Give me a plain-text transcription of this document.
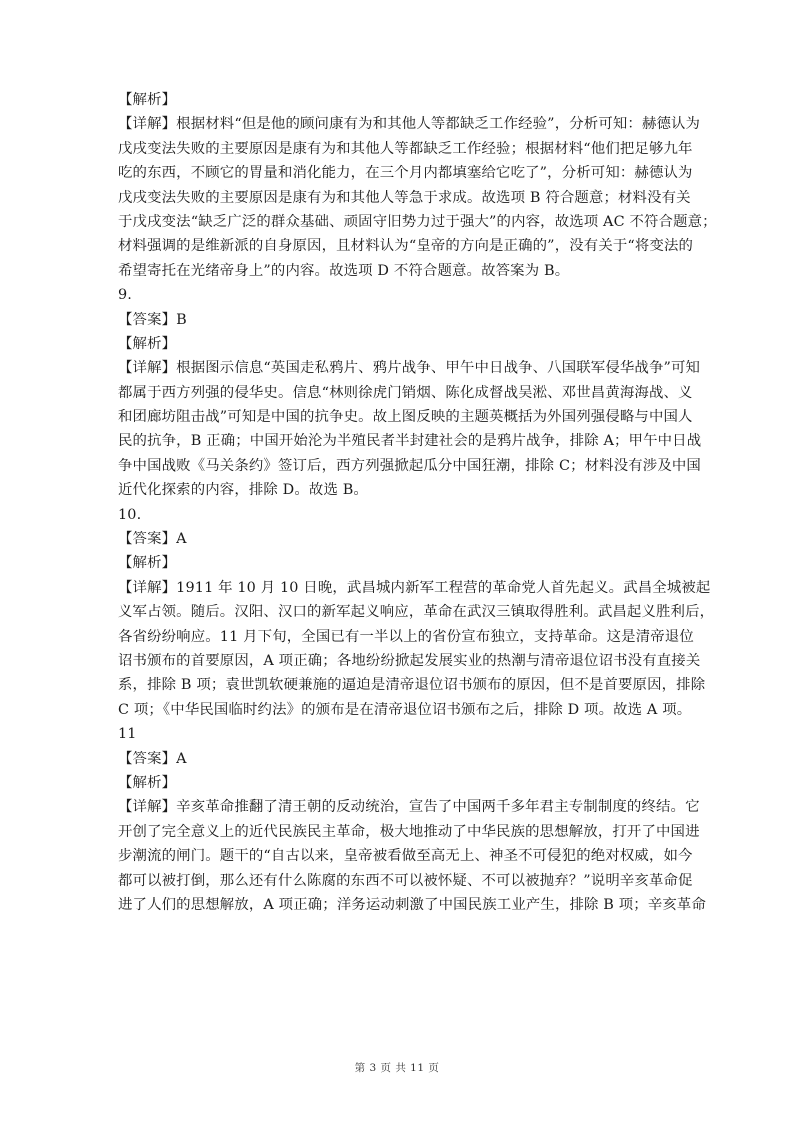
【解析】
【详解】根据材料“但是他的顾问康有为和其他人等都缺乏工作经验”，分析可知：赫德认为
戊戌变法失败的主要原因是康有为和其他人等都缺乏工作经验；根据材料“他们把足够九年
吃的东西，不顾它的胃量和消化能力，在三个月内都填塞给它吃了”，分析可知：赫德认为
戊戌变法失败的主要原因是康有为和其他人等急于求成。故选项 B 符合题意；材料没有关
于戊戌变法“缺乏广泛的群众基础、顽固守旧势力过于强大”的内容，故选项 AC 不符合题意；
材料强调的是维新派的自身原因，且材料认为“皇帝的方向是正确的”，没有关于“将变法的
希望寄托在光绪帝身上”的内容。故选项 D 不符合题意。故答案为 B。
9.
【答案】B
【解析】
【详解】根据图示信息“英国走私鸦片、鸦片战争、甲午中日战争、八国联军侵华战争”可知
都属于西方列强的侵华史。信息“林则徐虎门销烟、陈化成督战吴淞、邓世昌黄海海战、义
和团廊坊阻击战”可知是中国的抗争史。故上图反映的主题英概括为外国列强侵略与中国人
民的抗争，B 正确；中国开始沦为半殖民者半封建社会的是鸦片战争，排除 A；甲午中日战
争中国战败《马关条约》签订后，西方列强掀起瓜分中国狂潮，排除 C；材料没有涉及中国
近代化探索的内容，排除 D。故选 B。
10.
【答案】A
【解析】
【详解】1911 年 10 月 10 日晚，武昌城内新军工程营的革命党人首先起义。武昌全城被起
义军占领。随后。汉阳、汉口的新军起义响应，革命在武汉三镇取得胜利。武昌起义胜利后，
各省纷纷响应。11 月下旬，全国已有一半以上的省份宣布独立，支持革命。这是清帝退位
诏书颁布的首要原因，A 项正确；各地纷纷掀起发展实业的热潮与清帝退位诏书没有直接关
系，排除 B 项；袁世凯软硬兼施的逼迫是清帝退位诏书颁布的原因，但不是首要原因，排除
C 项；《中华民国临时约法》的颁布是在清帝退位诏书颁布之后，排除 D 项。故选 A 项。
11
【答案】A
【解析】
【详解】辛亥革命推翻了清王朝的反动统治，宣告了中国两千多年君主专制制度的终结。它
开创了完全意义上的近代民族民主革命，极大地推动了中华民族的思想解放，打开了中国进
步潮流的闸门。题干的“自古以来，皇帝被看做至高无上、神圣不可侵犯的绝对权威，如今
都可以被打倒，那么还有什么陈腐的东西不可以被怀疑、不可以被抛弃？”说明辛亥革命促
进了人们的思想解放，A 项正确；洋务运动刺激了中国民族工业产生，排除 B 项；辛亥革命
第 3 页 共 11 页
